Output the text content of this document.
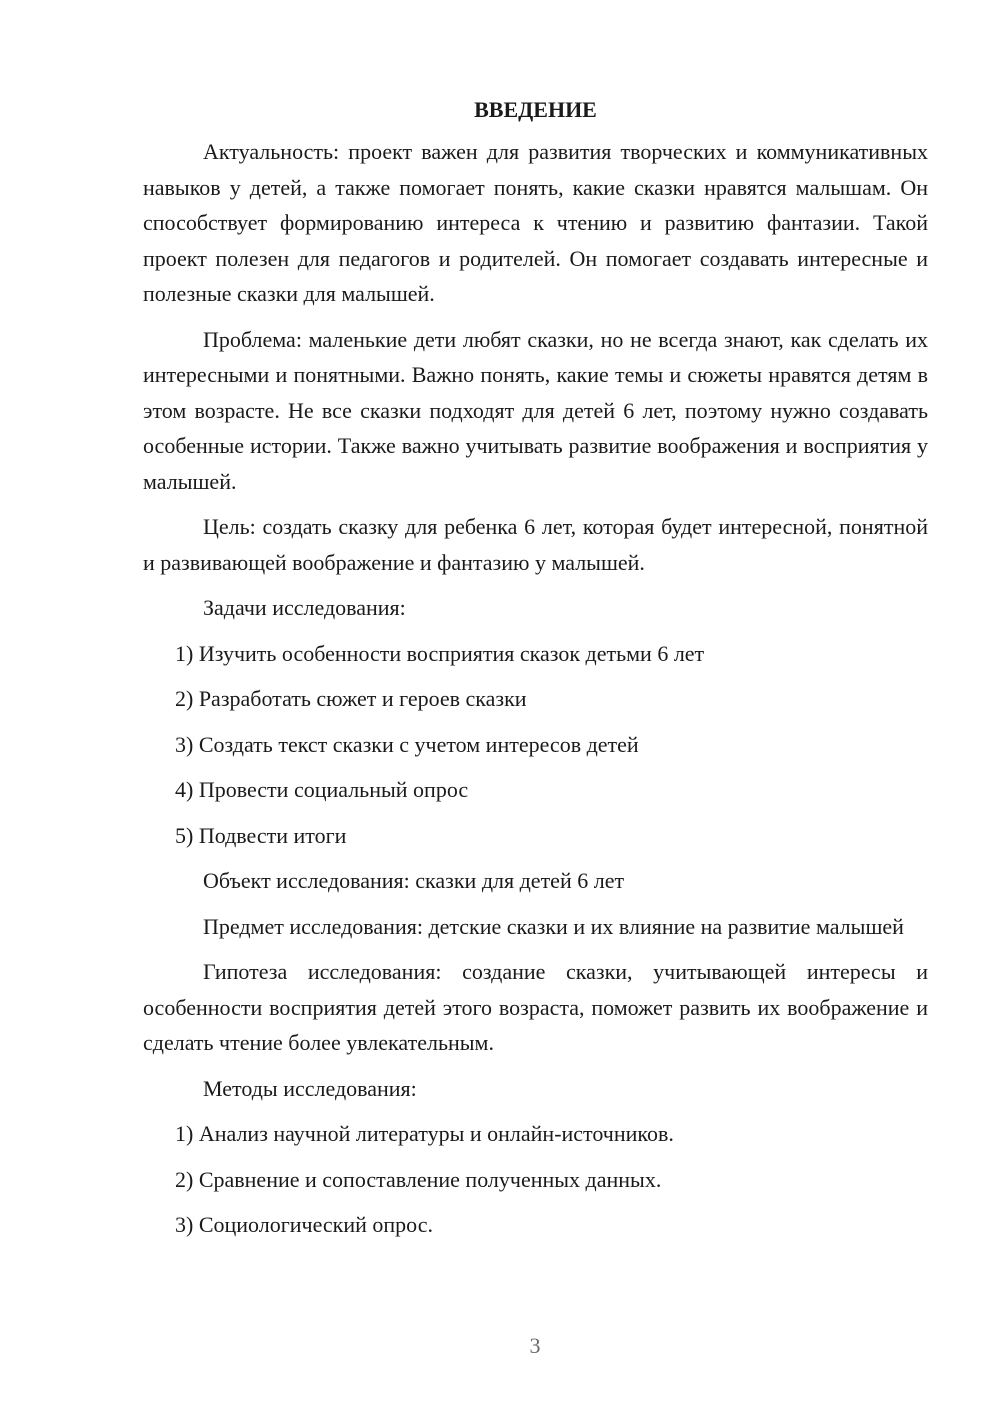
ВВЕДЕНИЕ

Актуальность: проект важен для развития творческих и коммуникативных навыков у детей, а также помогает понять, какие сказки нравятся малышам. Он способствует формированию интереса к чтению и развитию фантазии. Такой проект полезен для педагогов и родителей. Он помогает создавать интересные и полезные сказки для малышей.

Проблема: маленькие дети любят сказки, но не всегда знают, как сделать их интересными и понятными. Важно понять, какие темы и сюжеты нравятся детям в этом возрасте. Не все сказки подходят для детей 6 лет, поэтому нужно создавать особенные истории. Также важно учитывать развитие воображения и восприятия у малышей.

Цель: создать сказку для ребенка 6 лет, которая будет интересной, понятной и развивающей воображение и фантазию у малышей.

Задачи исследования:

1) Изучить особенности восприятия сказок детьми 6 лет

2) Разработать сюжет и героев сказки

3) Создать текст сказки с учетом интересов детей

4) Провести социальный опрос

5) Подвести итоги

Объект исследования: сказки для детей 6 лет

Предмет исследования: детские сказки и их влияние на развитие малышей

Гипотеза исследования: создание сказки, учитывающей интересы и особенности восприятия детей этого возраста, поможет развить их воображение и сделать чтение более увлекательным.

Методы исследования:

1) Анализ научной литературы и онлайн-источников.

2) Сравнение и сопоставление полученных данных.

3) Социологический опрос.

3
